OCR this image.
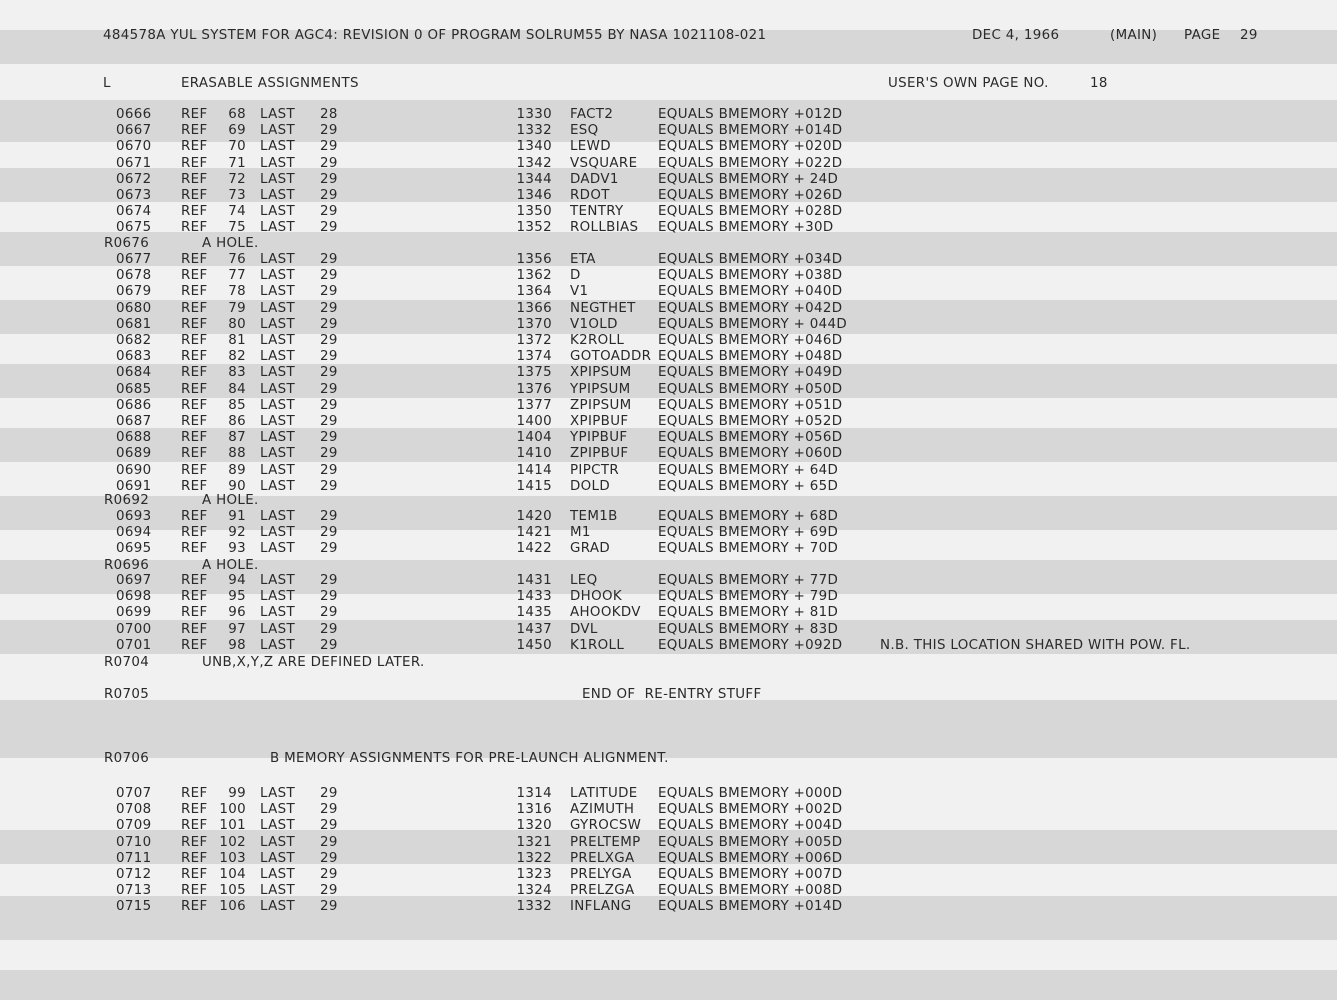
484578A YUL SYSTEM FOR AGC4: REVISION 0 OF PROGRAM SOLRUM55 BY NASA 1021108-021

	DEC 4, 1966

	(MAIN)

PAGE

29

L

	ERASABLE ASSIGNMENTS

	USER'S OWN PAGE NO.

	18

0666 REF	68 LAST 28	1330 FACT2	EQUALS BMEMORY +012D
0667 REF	69 LAST 29	1332 ESQ	EQUALS BMEMORY +014D
0670 REF	70 LAST 29	1340 LEWD	EQUALS BMEMORY +020D
0671 REF	71 LAST 29	1342 VSQUARE EQUALS BMEMORY +022D
0672 REF	72 LAST 29	1344 DADV1	EQUALS BMEMORY + 24D
0673 REF	73 LAST 29	1346 RDOT	EQUALS BMEMORY +026D
0674 REF	74 LAST 29	1350 TENTRY	EQUALS BMEMORY +028D
0675 REF	75 LAST 29	1352 ROLLBIAS EQUALS BMEMORY +30D
R0676	A HOLE.
0677 REF	76 LAST 29	1356 ETA	EQUALS BMEMORY +034D
0678 REF	77 LAST 29	1362 D	EQUALS BMEMORY +038D
0679 REF	78 LAST 29	1364 V1	EQUALS BMEMORY +040D
0680 REF	79 LAST 29	1366 NEGTHET EQUALS BMEMORY +042D
0681 REF	80 LAST 29	1370 V1OLD	EQUALS BMEMORY + 044D
0682 REF	81 LAST 29	1372 K2ROLL	EQUALS BMEMORY +046D
0683 REF	82 LAST 29	1374 GOTOADDR EQUALS BMEMORY +048D
0684 REF	83 LAST 29	1375 XPIPSUM EQUALS BMEMORY +049D
0685 REF	84 LAST 29	1376 YPIPSUM EQUALS BMEMORY +050D
0686 REF	85 LAST 29	1377 ZPIPSUM EQUALS BMEMORY +051D
0687 REF	86 LAST 29	1400 XPIPBUF EQUALS BMEMORY +052D
0688 REF	87 LAST 29	1404 YPIPBUF EQUALS BMEMORY +056D
0689 REF	88 LAST 29	1410 ZPIPBUF EQUALS BMEMORY +060D
0690 REF	89 LAST 29	1414 PIPCTR	EQUALS BMEMORY + 64D
0691 REF	90 LAST 29	1415 DOLD	EQUALS BMEMORY + 65D
R0692	A HOLE.
0693 REF	91 LAST 29	1420 TEM1B	EQUALS BMEMORY + 68D
0694 REF	92 LAST 29	1421 M1	EQUALS BMEMORY + 69D
0695 REF	93 LAST 29	1422 GRAD	EQUALS BMEMORY + 70D
R0696	A HOLE.
0697 REF	94 LAST 29	1431 LEQ	EQUALS BMEMORY + 77D
0698 REF	95 LAST 29	1433 DHOOK	EQUALS BMEMORY + 79D
0699 REF	96 LAST 29	1435 AHOOKDV EQUALS BMEMORY + 81D
0700 REF	97 LAST 29	1437 DVL	EQUALS BMEMORY + 83D
0701 REF	98 LAST 29	1450 K1ROLL	EQUALS BMEMORY +092D	N.B. THIS LOCATION SHARED WITH POW. FL.
R0704	UNB,X,Y,Z ARE DEFINED LATER.
R0705	END OF  RE-ENTRY STUFF
R0706	B MEMORY ASSIGNMENTS FOR PRE-LAUNCH ALIGNMENT.
0707 REF	99 LAST 29	1314 LATITUDE EQUALS BMEMORY +000D
0708 REF 100 LAST 29	1316 AZIMUTH EQUALS BMEMORY +002D
0709 REF 101 LAST 29	1320 GYROCSW EQUALS BMEMORY +004D
0710 REF 102 LAST 29	1321 PRELTEMP EQUALS BMEMORY +005D
0711 REF 103 LAST 29	1322 PRELXGA EQUALS BMEMORY +006D
0712 REF 104 LAST 29	1323 PRELYGA EQUALS BMEMORY +007D
0713 REF 105 LAST 29	1324 PRELZGA EQUALS BMEMORY +008D
0715 REF 106 LAST 29	1332 INFLANG EQUALS BMEMORY +014D
